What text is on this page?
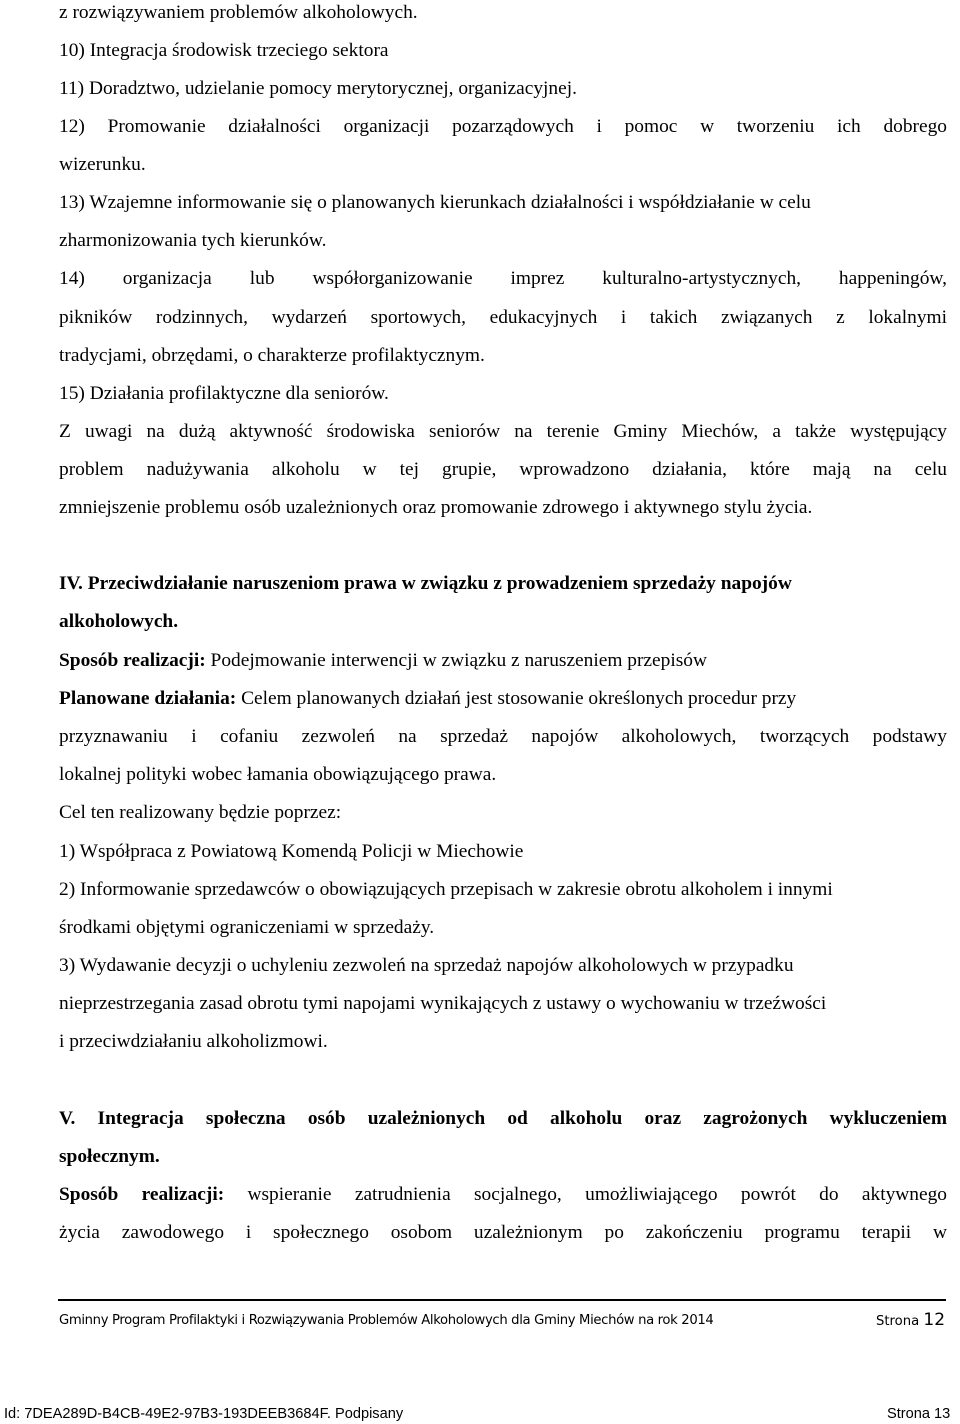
z rozwiązywaniem problemów alkoholowych.

10) Integracja środowisk trzeciego sektora

11) Doradztwo, udzielanie pomocy merytorycznej, organizacyjnej.

12) Promowanie działalności organizacji pozarządowych i pomoc w tworzeniu ich dobrego

wizerunku.

13) Wzajemne informowanie się o planowanych kierunkach działalności i współdziałanie w celu

zharmonizowania tych kierunków.

14) organizacja lub współorganizowanie imprez kulturalno-artystycznych, happeningów,

pikników rodzinnych, wydarzeń sportowych, edukacyjnych i takich związanych z lokalnymi

tradycjami, obrzędami, o charakterze profilaktycznym.

15) Działania profilaktyczne dla seniorów.

Z uwagi na dużą aktywność środowiska seniorów na terenie Gminy Miechów, a także występujący

problem nadużywania alkoholu w tej grupie, wprowadzono działania, które mają na celu

zmniejszenie problemu osób uzależnionych oraz promowanie zdrowego i aktywnego stylu życia.

IV. Przeciwdziałanie naruszeniom prawa w związku z prowadzeniem sprzedaży napojów

alkoholowych.

Sposób realizacji: Podejmowanie interwencji w związku z naruszeniem przepisów

Planowane działania: Celem planowanych działań jest stosowanie określonych procedur przy

przyznawaniu i cofaniu zezwoleń na sprzedaż napojów alkoholowych, tworzących podstawy

lokalnej polityki wobec łamania obowiązującego prawa.

Cel ten realizowany będzie poprzez:

1) Współpraca z Powiatową Komendą Policji w Miechowie

2) Informowanie sprzedawców o obowiązujących przepisach w zakresie obrotu alkoholem i innymi

środkami objętymi ograniczeniami w sprzedaży.

3) Wydawanie decyzji o uchyleniu zezwoleń na sprzedaż napojów alkoholowych w przypadku

nieprzestrzegania zasad obrotu tymi napojami wynikających z ustawy o wychowaniu w trzeźwości

i przeciwdziałaniu alkoholizmowi.

V. Integracja społeczna osób uzależnionych od alkoholu oraz zagrożonych wykluczeniem

społecznym.

Sposób realizacji: wspieranie zatrudnienia socjalnego, umożliwiającego powrót do aktywnego

życia zawodowego i społecznego osobom uzależnionym po zakończeniu programu terapii w

Gminny Program Profilaktyki i Rozwiązywania Problemów Alkoholowych dla Gminy Miechów na rok 2014	Strona 12
Id: 7DEA289D-B4CB-49E2-97B3-193DEEB3684F. Podpisany	Strona 13
